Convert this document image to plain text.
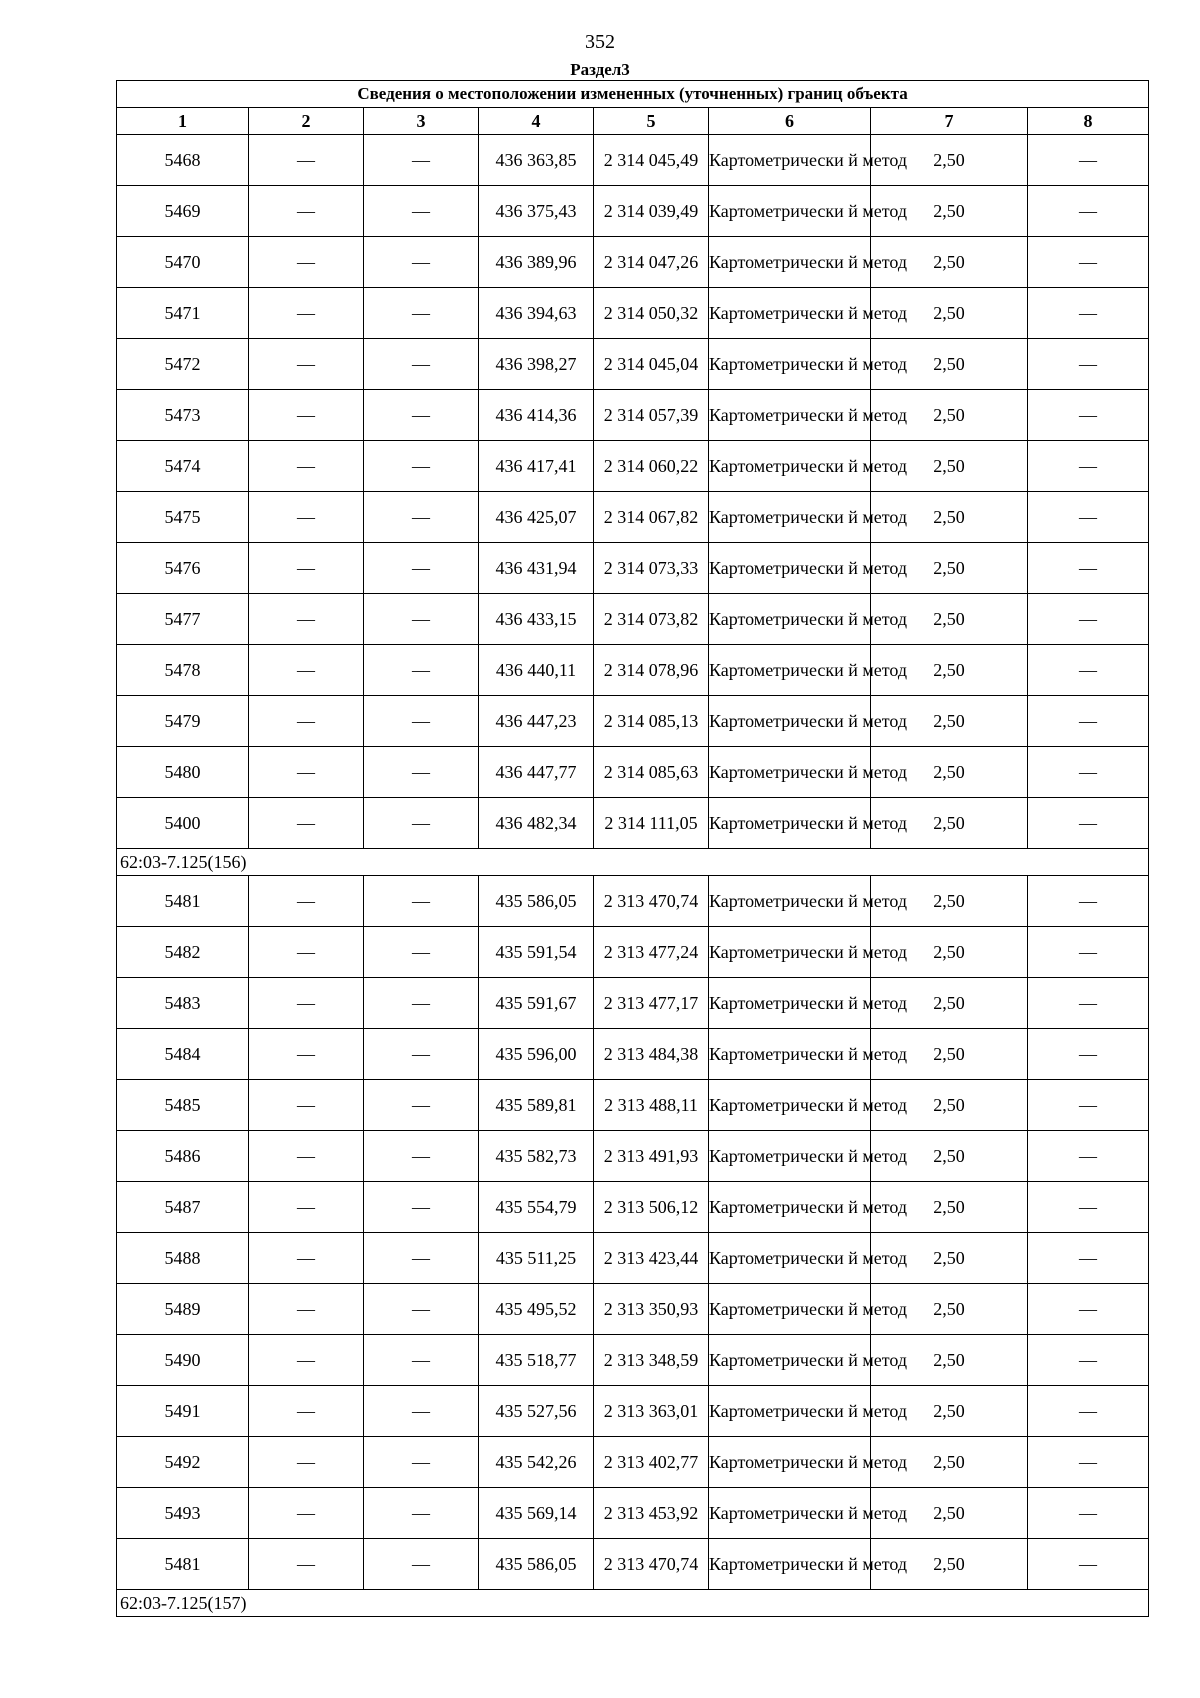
352
Раздел3
Сведения о местоположении измененных (уточненных) границ объекта							
1	2	3	4	5	6	7	8
5468	—	—	436 363,85	2 314 045,49	Картометрически й метод	2,50	—
5469	—	—	436 375,43	2 314 039,49	Картометрически й метод	2,50	—
5470	—	—	436 389,96	2 314 047,26	Картометрически й метод	2,50	—
5471	—	—	436 394,63	2 314 050,32	Картометрически й метод	2,50	—
5472	—	—	436 398,27	2 314 045,04	Картометрически й метод	2,50	—
5473	—	—	436 414,36	2 314 057,39	Картометрически й метод	2,50	—
5474	—	—	436 417,41	2 314 060,22	Картометрически й метод	2,50	—
5475	—	—	436 425,07	2 314 067,82	Картометрически й метод	2,50	—
5476	—	—	436 431,94	2 314 073,33	Картометрически й метод	2,50	—
5477	—	—	436 433,15	2 314 073,82	Картометрически й метод	2,50	—
5478	—	—	436 440,11	2 314 078,96	Картометрически й метод	2,50	—
5479	—	—	436 447,23	2 314 085,13	Картометрически й метод	2,50	—
5480	—	—	436 447,77	2 314 085,63	Картометрически й метод	2,50	—
5400	—	—	436 482,34	2 314 111,05	Картометрически й метод	2,50	—
62:03-7.125(156)							
5481	—	—	435 586,05	2 313 470,74	Картометрически й метод	2,50	—
5482	—	—	435 591,54	2 313 477,24	Картометрически й метод	2,50	—
5483	—	—	435 591,67	2 313 477,17	Картометрически й метод	2,50	—
5484	—	—	435 596,00	2 313 484,38	Картометрически й метод	2,50	—
5485	—	—	435 589,81	2 313 488,11	Картометрически й метод	2,50	—
5486	—	—	435 582,73	2 313 491,93	Картометрически й метод	2,50	—
5487	—	—	435 554,79	2 313 506,12	Картометрически й метод	2,50	—
5488	—	—	435 511,25	2 313 423,44	Картометрически й метод	2,50	—
5489	—	—	435 495,52	2 313 350,93	Картометрически й метод	2,50	—
5490	—	—	435 518,77	2 313 348,59	Картометрически й метод	2,50	—
5491	—	—	435 527,56	2 313 363,01	Картометрически й метод	2,50	—
5492	—	—	435 542,26	2 313 402,77	Картометрически й метод	2,50	—
5493	—	—	435 569,14	2 313 453,92	Картометрически й метод	2,50	—
5481	—	—	435 586,05	2 313 470,74	Картометрически й метод	2,50	—
62:03-7.125(157)							
